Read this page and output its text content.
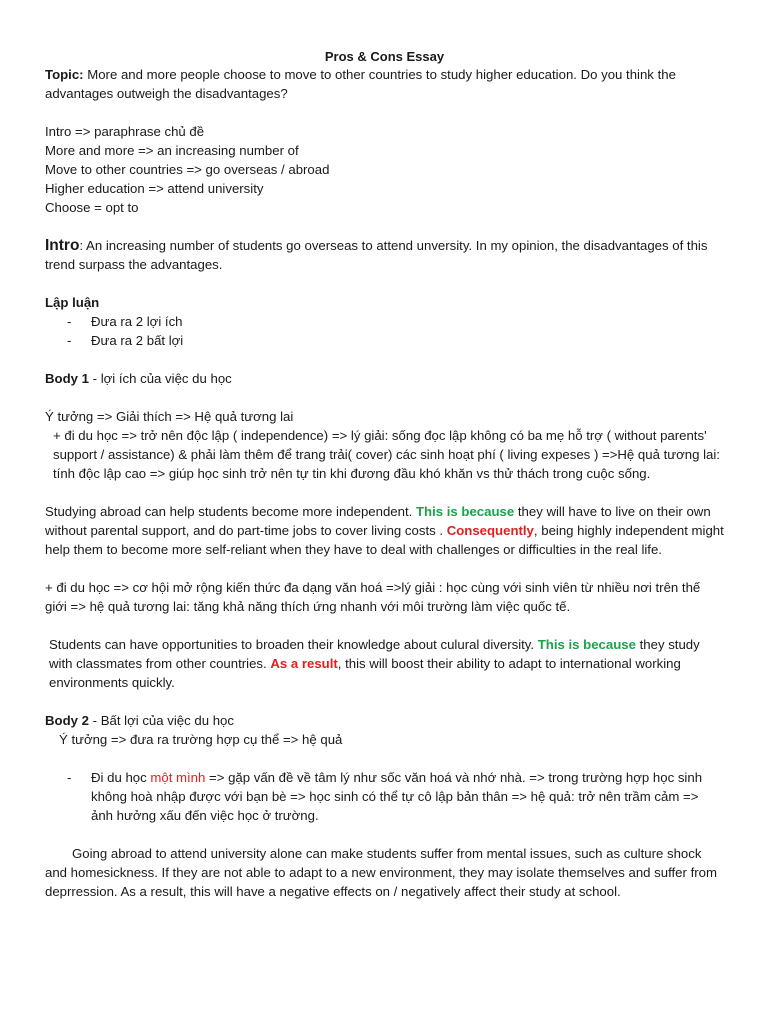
Pros & Cons Essay

Topic: More and more people choose to move to other countries to study higher education. Do you think the advantages outweigh the disadvantages?

Intro => paraphrase chủ đề

More and more => an increasing number of

Move to other countries => go overseas / abroad

Higher education => attend university

Choose = opt to

Intro: An increasing number of students go overseas to attend unversity. In my opinion, the disadvantages of this trend surpass the advantages.

Lập luận

- Đưa ra 2 lợi ích
- Đưa ra 2 bất lợi

Body 1 - lợi ích của việc du học

Ý tưởng => Giải thích => Hệ quả tương lai

+ đi du học => trở nên độc lập ( independence) => lý giải: sống đọc lập không có ba mẹ hỗ trợ ( without parents' support / assistance) & phải làm thêm để trang trải( cover) các sinh hoạt phí ( living expeses ) =>Hệ quả tương lai: tính độc lập cao => giúp học sinh trở nên tự tin khi đương đầu khó khăn vs thử thách trong cuộc sống.

Studying abroad can help students become more independent. This is because they will have to live on their own without parental support, and do part-time jobs to cover living costs . Consequently, being highly independent might help them to become more self-reliant when they have to deal with challenges or difficulties in the real life.

+ đi du học => cơ hội mở rộng kiến thức đa dạng văn hoá =>lý giải : học cùng với sinh viên từ nhiều nơi trên thế giới => hệ quả tương lai: tăng khả năng thích ứng nhanh với môi trường làm việc quốc tế.

Students can have opportunities to broaden their knowledge about culural diversity. This is because they study with classmates from other countries. As a result, this will boost their ability to adapt to international working environments quickly.

Body 2 - Bất lợi của việc du học

Ý tưởng => đưa ra trường hợp cụ thể => hệ quả

- Đi du học một mình => gặp vấn đề về tâm lý như sốc văn hoá và nhớ nhà. => trong trường hợp học sinh không hoà nhập được với bạn bè => học sinh có thể tự cô lập bản thân => hệ quả: trở nên trầm cảm => ảnh hưởng xấu đến việc học ở trường.

Going abroad to attend university alone can make students suffer from mental issues, such as culture shock and homesickness. If they are not able to adapt to a new environment, they may isolate themselves and suffer from deprression. As a result, this will have a negative effects on / negatively affect their study at school.
